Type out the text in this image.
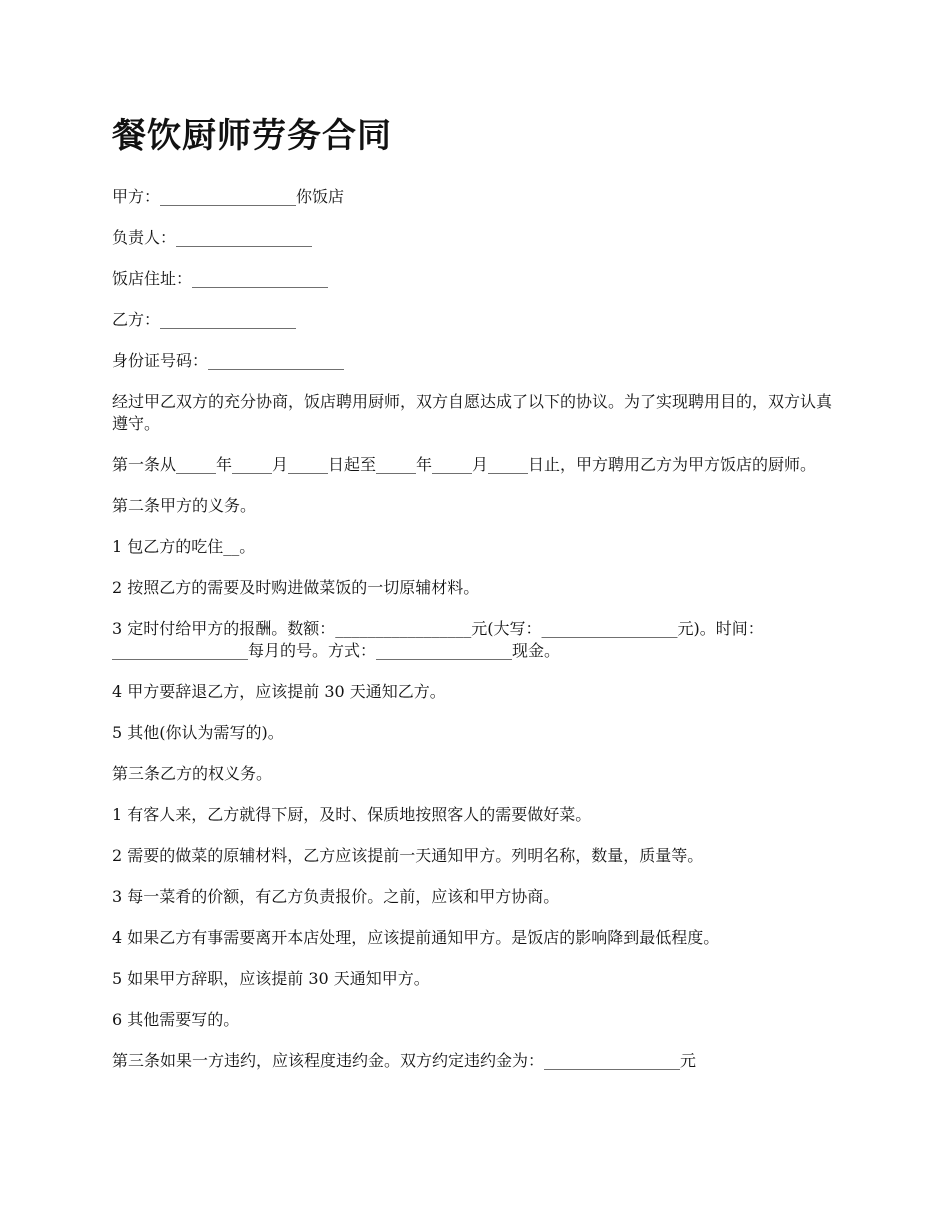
餐饮厨师劳务合同

甲方：_________________你饭店

负责人：_________________

饭店住址：_________________

乙方：_________________

身份证号码：_________________

经过甲乙双方的充分协商，饭店聘用厨师，双方自愿达成了以下的协议。为了实现聘用目的，双方认真遵守。

第一条从_____年_____月_____日起至_____年_____月_____日止，甲方聘用乙方为甲方饭店的厨师。

第二条甲方的义务。

1 包乙方的吃住__。

2 按照乙方的需要及时购进做菜饭的一切原辅材料。

3 定时付给甲方的报酬。数额：_________________元(大写：_________________元)。时间：_________________每月的号。方式：_________________现金。

4 甲方要辞退乙方，应该提前 30 天通知乙方。

5 其他(你认为需写的)。

第三条乙方的权义务。

1 有客人来，乙方就得下厨，及时、保质地按照客人的需要做好菜。

2 需要的做菜的原辅材料，乙方应该提前一天通知甲方。列明名称，数量，质量等。

3 每一菜肴的价额，有乙方负责报价。之前，应该和甲方协商。

4 如果乙方有事需要离开本店处理，应该提前通知甲方。是饭店的影响降到最低程度。

5 如果甲方辞职，应该提前 30 天通知甲方。

6 其他需要写的。

第三条如果一方违约，应该程度违约金。双方约定违约金为：_________________元
